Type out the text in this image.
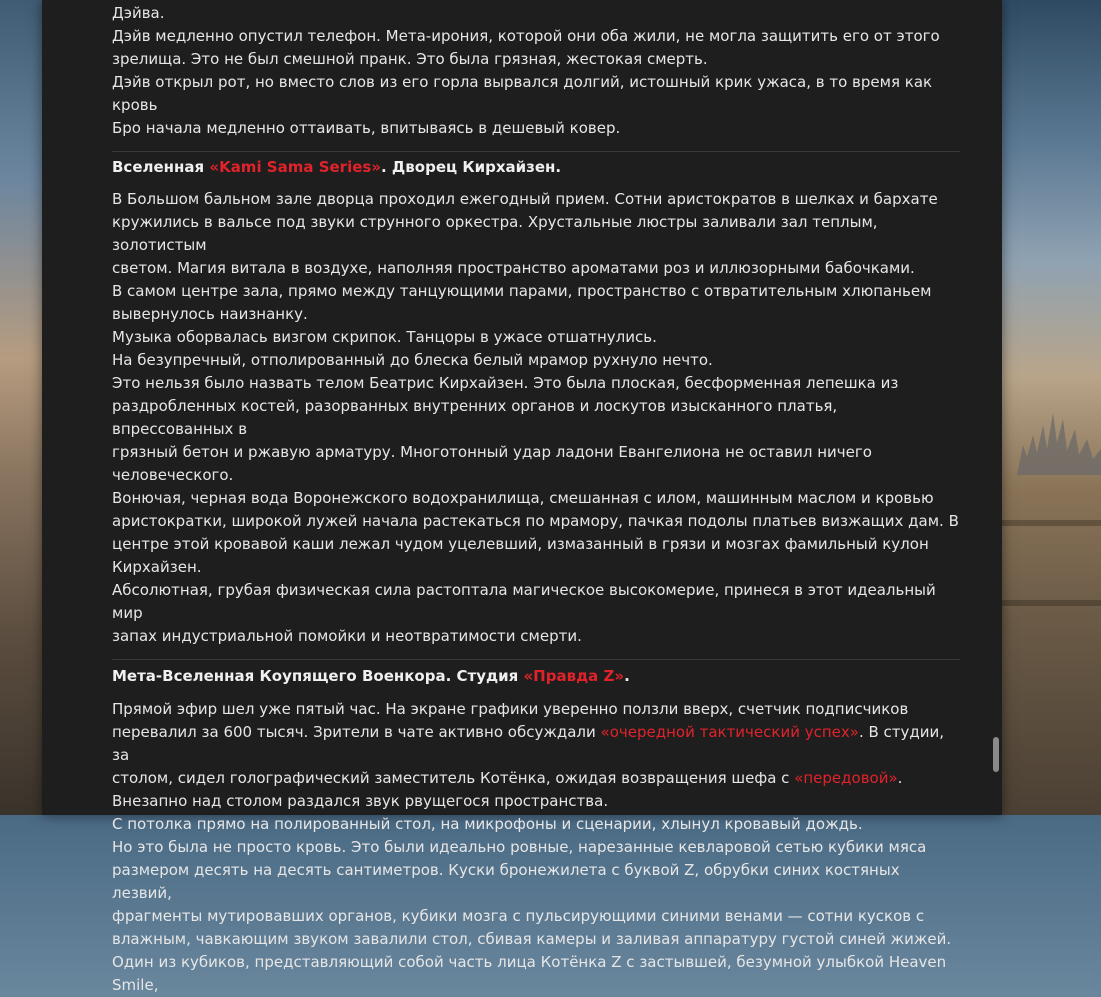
Дэйва.

Дэйв медленно опустил телефон. Мета-ирония, которой они оба жили, не могла защитить его от этого

зрелища. Это не был смешной пранк. Это была грязная, жестокая смерть.

Дэйв открыл рот, но вместо слов из его горла вырвался долгий, истошный крик ужаса, в то время как кровь

Бро начала медленно оттаивать, впитываясь в дешевый ковер.

Вселенная «Kami Sama Series». Дворец Кирхайзен.

В Большом бальном зале дворца проходил ежегодный прием. Сотни аристократов в шелках и бархате

кружились в вальсе под звуки струнного оркестра. Хрустальные люстры заливали зал теплым, золотистым

светом. Магия витала в воздухе, наполняя пространство ароматами роз и иллюзорными бабочками.

В самом центре зала, прямо между танцующими парами, пространство с отвратительным хлюпаньем

вывернулось наизнанку.

Музыка оборвалась визгом скрипок. Танцоры в ужасе отшатнулись.

На безупречный, отполированный до блеска белый мрамор рухнуло нечто.

Это нельзя было назвать телом Беатрис Кирхайзен. Это была плоская, бесформенная лепешка из

раздробленных костей, разорванных внутренних органов и лоскутов изысканного платья, впрессованных в

грязный бетон и ржавую арматуру. Многотонный удар ладони Евангелиона не оставил ничего человеческого.

Вонючая, черная вода Воронежского водохранилища, смешанная с илом, машинным маслом и кровью

аристократки, широкой лужей начала растекаться по мрамору, пачкая подолы платьев визжащих дам. В

центре этой кровавой каши лежал чудом уцелевший, измазанный в грязи и мозгах фамильный кулон

Кирхайзен.

Абсолютная, грубая физическая сила растоптала магическое высокомерие, принеся в этот идеальный мир

запах индустриальной помойки и неотвратимости смерти.

Мета-Вселенная Коупящего Военкора. Студия «Правда Z».

Прямой эфир шел уже пятый час. На экране графики уверенно ползли вверх, счетчик подписчиков

перевалил за 600 тысяч. Зрители в чате активно обсуждали «очередной тактический успех». В студии, за

столом, сидел голографический заместитель Котёнка, ожидая возвращения шефа с «передовой».

Внезапно над столом раздался звук рвущегося пространства.

С потолка прямо на полированный стол, на микрофоны и сценарии, хлынул кровавый дождь.

Но это была не просто кровь. Это были идеально ровные, нарезанные кевларовой сетью кубики мяса

размером десять на десять сантиметров. Куски бронежилета с буквой Z, обрубки синих костяных лезвий,

фрагменты мутировавших органов, кубики мозга с пульсирующими синими венами — сотни кусков с

влажным, чавкающим звуком завалили стол, сбивая камеры и заливая аппаратуру густой синей жижей.

Один из кубиков, представляющий собой часть лица Котёнка Z с застывшей, безумной улыбкой Heaven Smile,
